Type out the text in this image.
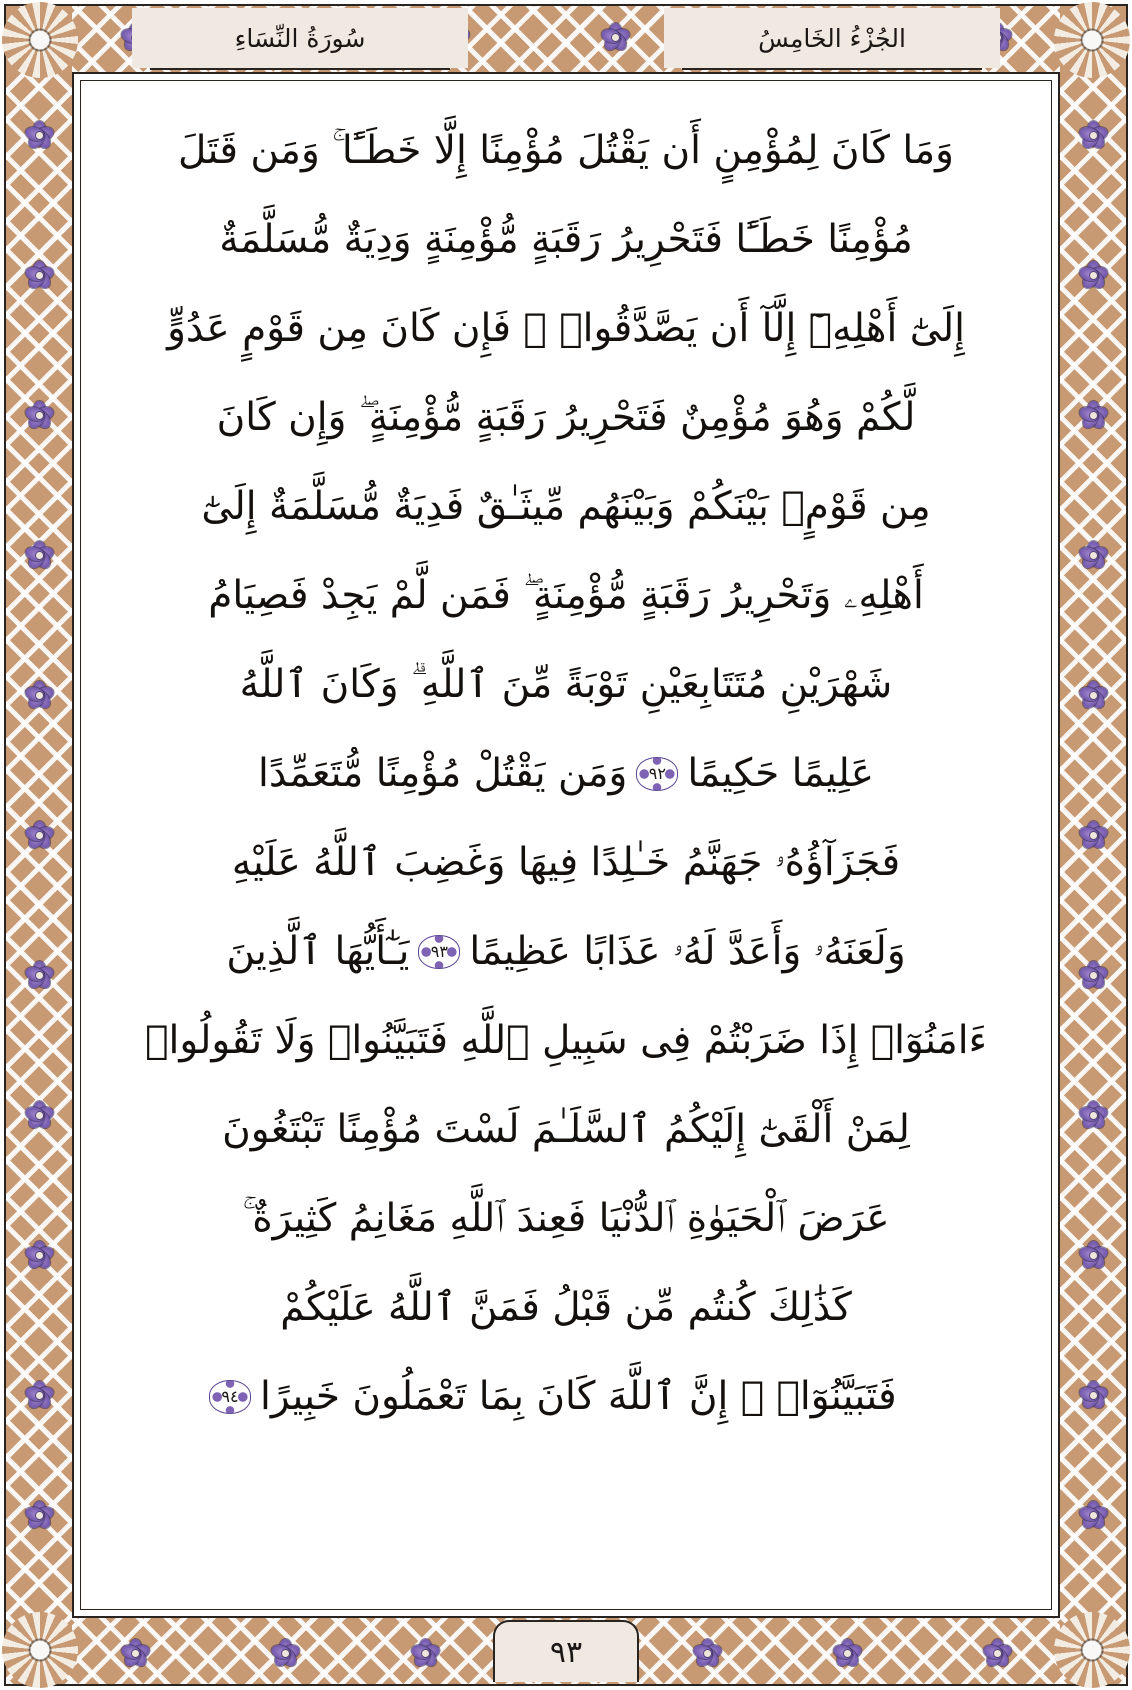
الجُزْءُ الخَامِسُ
سُورَةُ النِّسَاءِ
وَمَا كَانَ لِمُؤْمِنٍ أَن يَقْتُلَ مُؤْمِنًا إِلَّا خَطَـًٔا ۚ وَمَن قَتَلَ
مُؤْمِنًا خَطَـًٔا فَتَحْرِيرُ رَقَبَةٍ مُّؤْمِنَةٍ وَدِيَةٌ مُّسَلَّمَةٌ
إِلَىٰٓ أَهْلِهِۦٓ إِلَّآ أَن يَصَّدَّقُوا۟ ۚ فَإِن كَانَ مِن قَوْمٍ عَدُوٍّ
لَّكُمْ وَهُوَ مُؤْمِنٌ فَتَحْرِيرُ رَقَبَةٍ مُّؤْمِنَةٍ ۖ وَإِن كَانَ
مِن قَوْمٍۭ بَيْنَكُمْ وَبَيْنَهُم مِّيثَـٰقٌ فَدِيَةٌ مُّسَلَّمَةٌ إِلَىٰٓ
أَهْلِهِۦ وَتَحْرِيرُ رَقَبَةٍ مُّؤْمِنَةٍ ۖ فَمَن لَّمْ يَجِدْ فَصِيَامُ
شَهْرَيْنِ مُتَتَابِعَيْنِ تَوْبَةً مِّنَ ٱللَّهِ ۗ وَكَانَ ٱللَّهُ
عَلِيمًا حَكِيمًا
٩٢
وَمَن يَقْتُلْ مُؤْمِنًا مُّتَعَمِّدًا
فَجَزَآؤُهُۥ جَهَنَّمُ خَـٰلِدًا فِيهَا وَغَضِبَ ٱللَّهُ عَلَيْهِ
وَلَعَنَهُۥ وَأَعَدَّ لَهُۥ عَذَابًا عَظِيمًا
٩٣
يَـٰٓأَيُّهَا ٱلَّذِينَ
ءَامَنُوٓا۟ إِذَا ضَرَبْتُمْ فِى سَبِيلِ ٱللَّهِ فَتَبَيَّنُوا۟ وَلَا تَقُولُوا۟
لِمَنْ أَلْقَىٰٓ إِلَيْكُمُ ٱلسَّلَـٰمَ لَسْتَ مُؤْمِنًا تَبْتَغُونَ
عَرَضَ ٱلْحَيَوٰةِ ٱلدُّنْيَا فَعِندَ ٱللَّهِ مَغَانِمُ كَثِيرَةٌ ۚ
كَذَٰلِكَ كُنتُم مِّن قَبْلُ فَمَنَّ ٱللَّهُ عَلَيْكُمْ
فَتَبَيَّنُوٓا۟ ۚ إِنَّ ٱللَّهَ كَانَ بِمَا تَعْمَلُونَ خَبِيرًا
٩٤
٩٣
